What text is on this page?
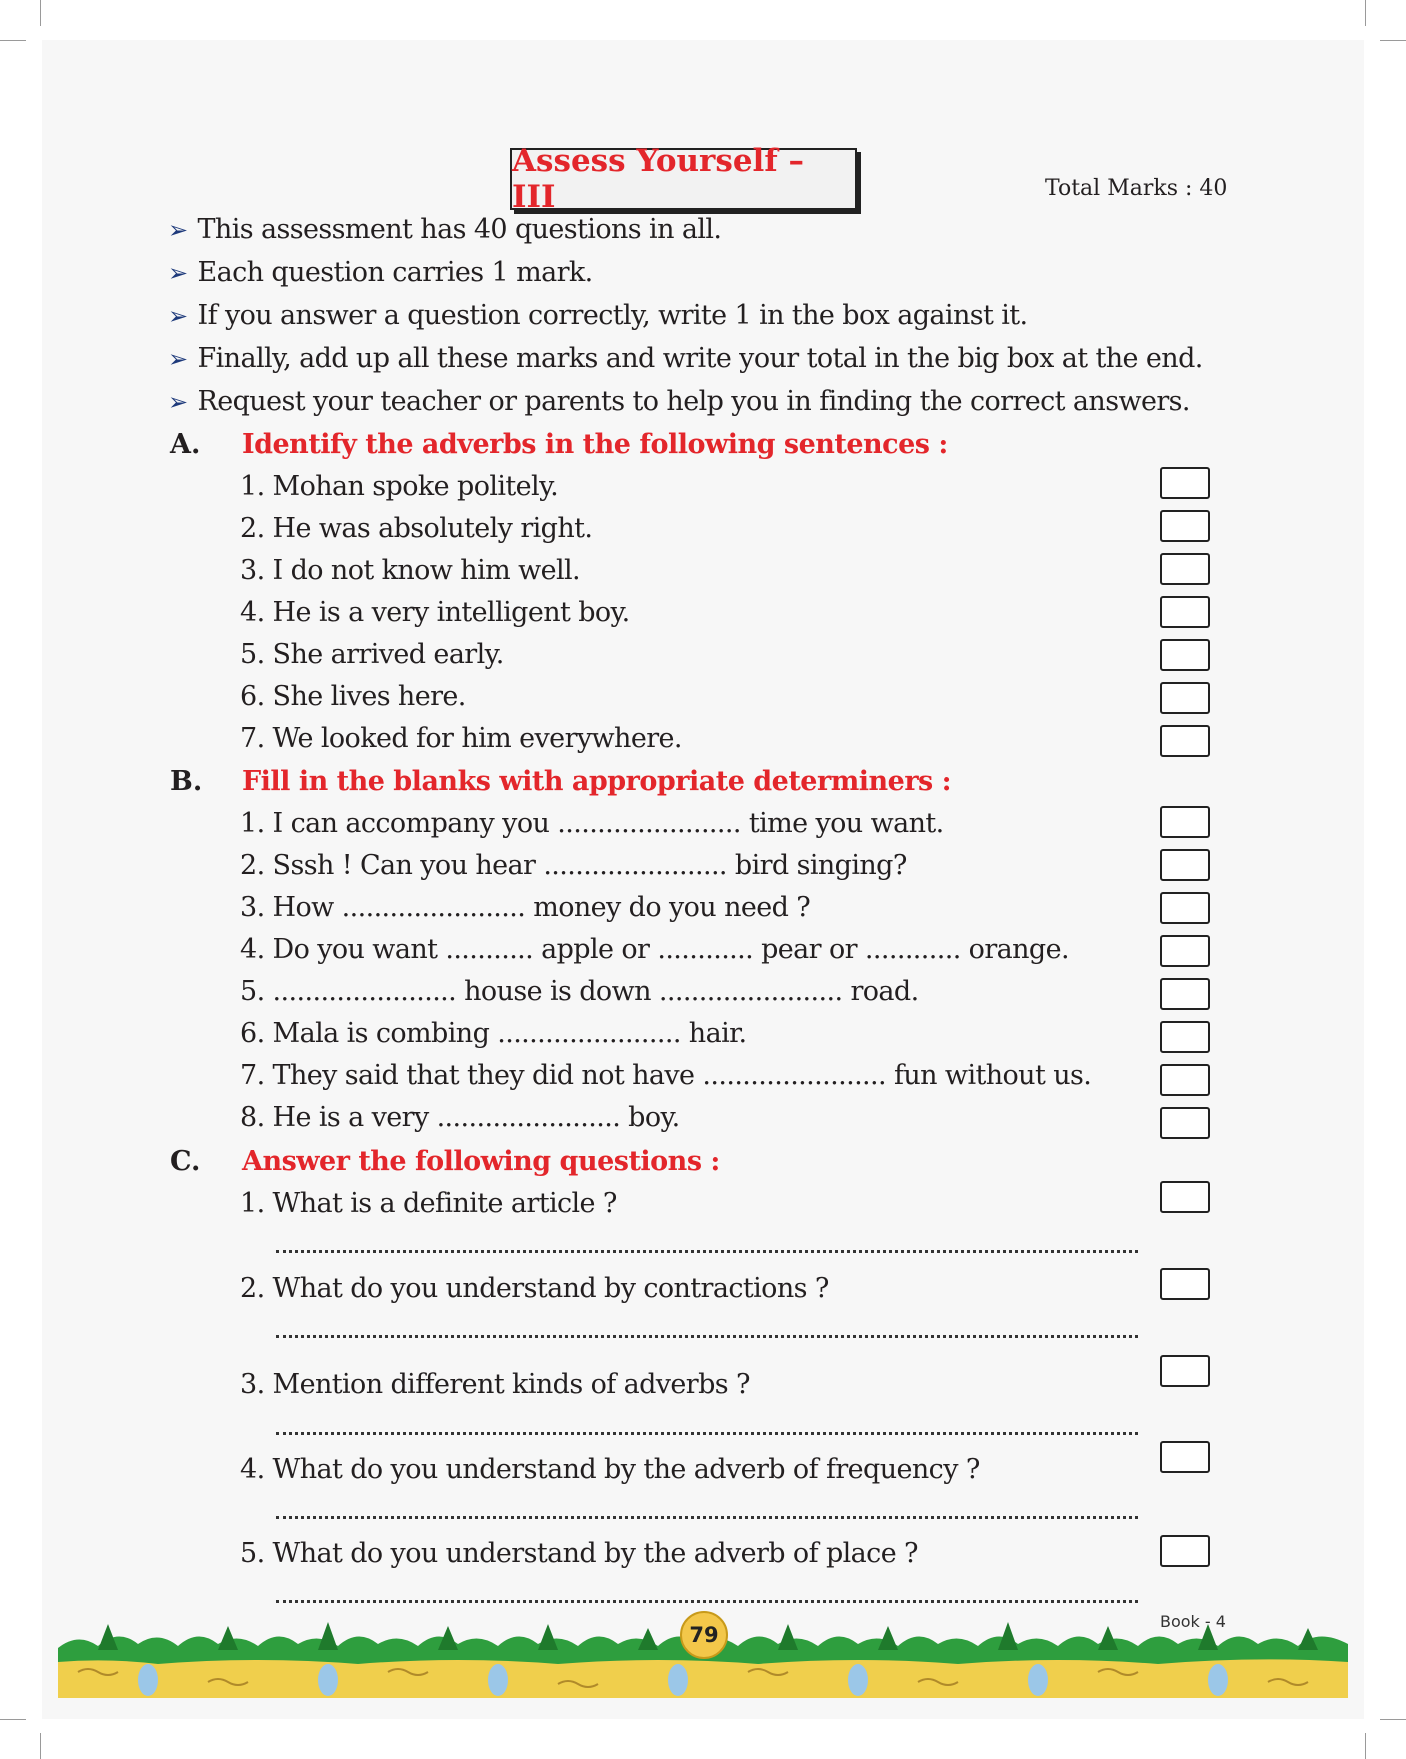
Assess Yourself – III	Total Marks : 40
➢ This assessment has 40 questions in all.
➢ Each question carries 1 mark.
➢ If you answer a question correctly, write 1 in the box against it.
➢ Finally, add up all these marks and write your total in the big box at the end.
➢ Request your teacher or parents to help you in finding the correct answers.
A. Identify the adverbs in the following sentences :
1. Mohan spoke politely.
2. He was absolutely right.
3. I do not know him well.
4. He is a very intelligent boy.
5. She arrived early.
6. She lives here.
7. We looked for him everywhere.
B. Fill in the blanks with appropriate determiners :
1. I can accompany you ....................... time you want.
2. Sssh ! Can you hear ....................... bird singing?
3. How ....................... money do you need ?
4. Do you want ........... apple or ............ pear or ............ orange.
5. ....................... house is down ....................... road.
6. Mala is combing ....................... hair.
7. They said that they did not have ....................... fun without us.
8. He is a very ....................... boy.
C. Answer the following questions :
1. What is a definite article ?
2. What do you understand by contractions ?
3. Mention different kinds of adverbs ?
4. What do you understand by the adverb of frequency ?
5. What do you understand by the adverb of place ?
79
Book - 4
